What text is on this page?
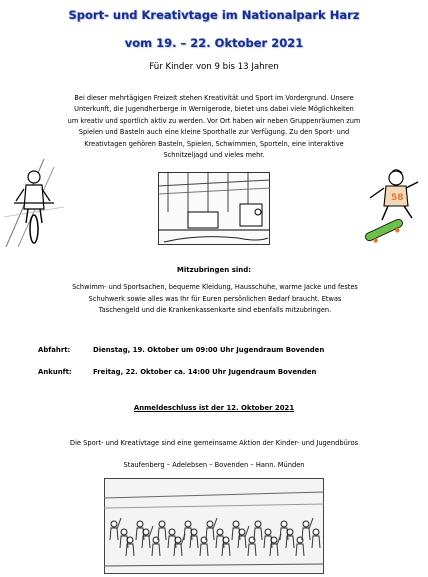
Sport- und Kreativtage im Nationalpark Harz
vom 19. – 22. Oktober 2021
Für Kinder von 9 bis 13 Jahren
Bei dieser mehrtägigen Freizeit stehen Kreativität und Sport im Vordergrund. Unsere
Unterkunft, die Jugendherberge in Wernigerode, bietet uns dabei viele Möglichkeiten
um kreativ und sportlich aktiv zu werden. Vor Ort haben wir neben Gruppenräumen zum
Spielen und Basteln auch eine kleine Sporthalle zur Verfügung. Zu den Sport- und
Kreativtagen gehören Basteln, Spielen, Schwimmen, Sporteln, eine interaktive
Schnitzeljagd und vieles mehr.
58
Mitzubringen sind:
Schwimm- und Sportsachen, bequeme Kleidung, Hausschuhe, warme Jacke und festes
Schuhwerk sowie alles was Ihr für Euren persönlichen Bedarf braucht. Etwas
Taschengeld und die Krankenkassenkarte sind ebenfalls mitzubringen.
Abfahrt:	Dienstag, 19. Oktober um 09:00 Uhr Jugendraum Bovenden
Ankunft:	Freitag, 22. Oktober ca. 14:00 Uhr Jugendraum Bovenden
Anmeldeschluss ist der 12. Oktober 2021
Die Sport- und Kreativtage sind eine gemeinsame Aktion der Kinder- und Jugendbüros
Staufenberg – Adelebsen – Bovenden – Hann. Münden
